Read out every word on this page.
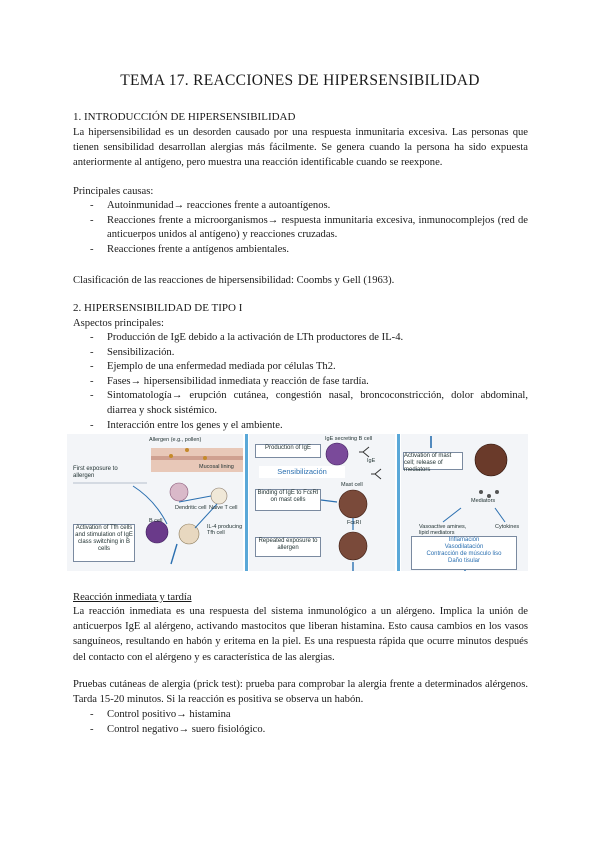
TEMA 17. REACCIONES DE HIPERSENSIBILIDAD
1. INTRODUCCIÓN DE HIPERSENSIBILIDAD
La hipersensibilidad es un desorden causado por una respuesta inmunitaria excesiva. Las personas que tienen sensibilidad desarrollan alergias más fácilmente. Se genera cuando la persona ha sido expuesta anteriormente al antígeno, pero muestra una reacción identificable cuando se reexpone.
Principales causas:
- Autoinmunidad→ reacciones frente a autoantígenos.
- Reacciones frente a microorganismos→ respuesta inmunitaria excesiva, inmunocomplejos (red de anticuerpos unidos al antígeno) y reacciones cruzadas.
- Reacciones frente a antígenos ambientales.
Clasificación de las reacciones de hipersensibilidad: Coombs y Gell (1963).
2. HIPERSENSIBILIDAD DE TIPO I
Aspectos principales:
- Producción de IgE debido a la activación de LTh productores de IL-4.
- Sensibilización.
- Ejemplo de una enfermedad mediada por células Th2.
- Fases→ hipersensibilidad inmediata y reacción de fase tardía.
- Sintomatología→ erupción cutánea, congestión nasal, broncoconstricción, dolor abdominal, diarrea y shock sistémico.
- Interacción entre los genes y el ambiente.
Allergen (e.g., pollen)
Mucosal lining
First exposure to allergen
Dendritic cell Naive T cell
B cell
IL-4 producing Tfh cell
Activation of Tfh cells and stimulation of IgE class switching in B cells
Production of IgE
Sensibilización
Binding of IgE to FcεRI on mast cells
Repeated exposure to allergen
IgE secreting B cell
IgE
Mast cell
FcεRI
Activation of mast cell; release of mediators
Mediators
Vasoactive amines, lipid mediators
Cytokines
Inflamación
Vasodilatación
Contracción de músculo liso
Daño tisular
Reacción inmediata y tardía
La reacción inmediata es una respuesta del sistema inmunológico a un alérgeno. Implica la unión de anticuerpos IgE al alérgeno, activando mastocitos que liberan histamina. Esto causa cambios en los vasos sanguíneos, resultando en habón y eritema en la piel. Es una respuesta rápida que ocurre minutos después del contacto con el alérgeno y es característica de las alergias.
Pruebas cutáneas de alergia (prick test): prueba para comprobar la alergia frente a determinados alérgenos. Tarda 15-20 minutos. Si la reacción es positiva se observa un habón.
- Control positivo→ histamina
- Control negativo→ suero fisiológico.
